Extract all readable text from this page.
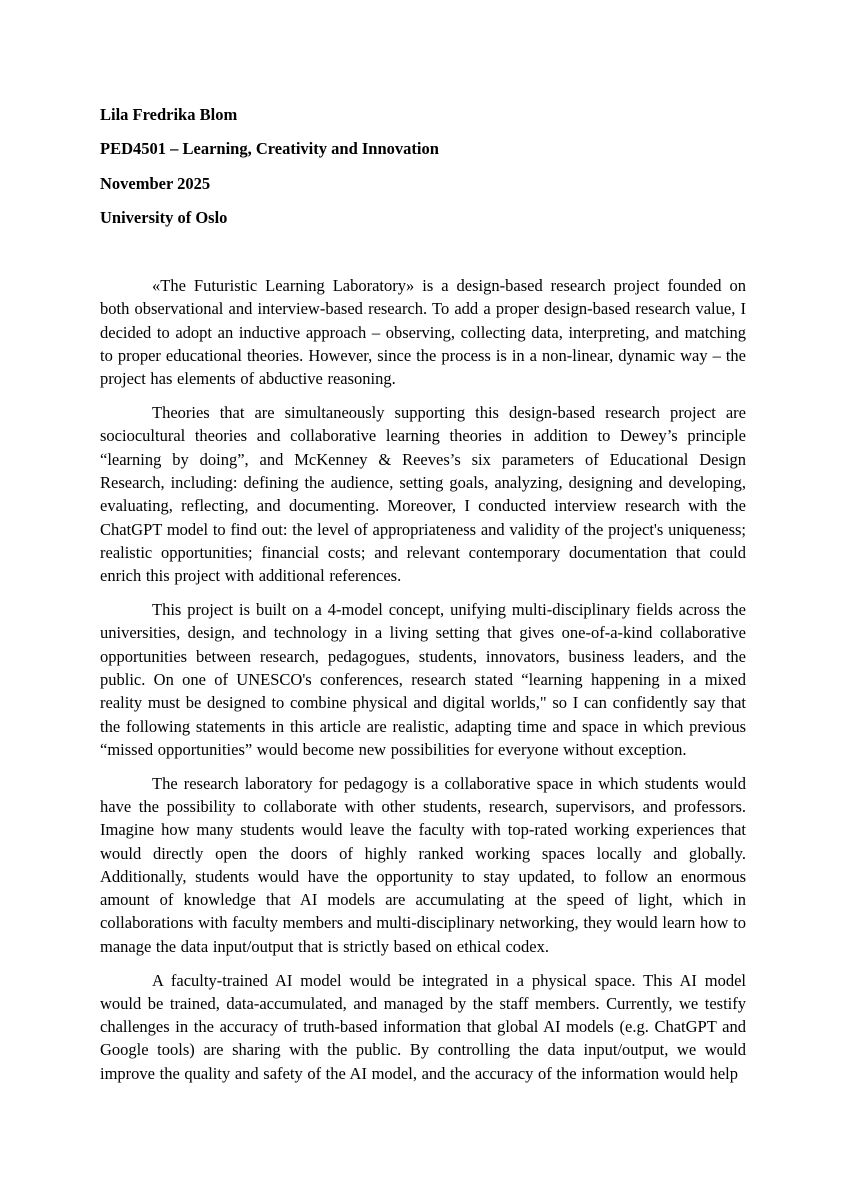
Lila Fredrika Blom

PED4501 – Learning, Creativity and Innovation

November 2025

University of Oslo

«The Futuristic Learning Laboratory» is a design-based research project founded on both observational and interview-based research. To add a proper design-based research value, I decided to adopt an inductive approach – observing, collecting data, interpreting, and matching to proper educational theories. However, since the process is in a non-linear, dynamic way – the project has elements of abductive reasoning.

Theories that are simultaneously supporting this design-based research project are sociocultural theories and collaborative learning theories in addition to Dewey’s principle “learning by doing”, and McKenney & Reeves’s six parameters of Educational Design Research, including: defining the audience, setting goals, analyzing, designing and developing, evaluating, reflecting, and documenting. Moreover, I conducted interview research with the ChatGPT model to find out: the level of appropriateness and validity of the project's uniqueness; realistic opportunities; financial costs; and relevant contemporary documentation that could enrich this project with additional references.

This project is built on a 4-model concept, unifying multi-disciplinary fields across the universities, design, and technology in a living setting that gives one-of-a-kind collaborative opportunities between research, pedagogues, students, innovators, business leaders, and the public. On one of UNESCO's conferences, research stated “learning happening in a mixed reality must be designed to combine physical and digital worlds," so I can confidently say that the following statements in this article are realistic, adapting time and space in which previous “missed opportunities” would become new possibilities for everyone without exception.

The research laboratory for pedagogy is a collaborative space in which students would have the possibility to collaborate with other students, research, supervisors, and professors. Imagine how many students would leave the faculty with top-rated working experiences that would directly open the doors of highly ranked working spaces locally and globally. Additionally, students would have the opportunity to stay updated, to follow an enormous amount of knowledge that AI models are accumulating at the speed of light, which in collaborations with faculty members and multi-disciplinary networking, they would learn how to manage the data input/output that is strictly based on ethical codex.

A faculty-trained AI model would be integrated in a physical space. This AI model would be trained, data-accumulated, and managed by the staff members. Currently, we testify challenges in the accuracy of truth-based information that global AI models (e.g. ChatGPT and Google tools) are sharing with the public. By controlling the data input/output, we would improve the quality and safety of the AI model, and the accuracy of the information would help
